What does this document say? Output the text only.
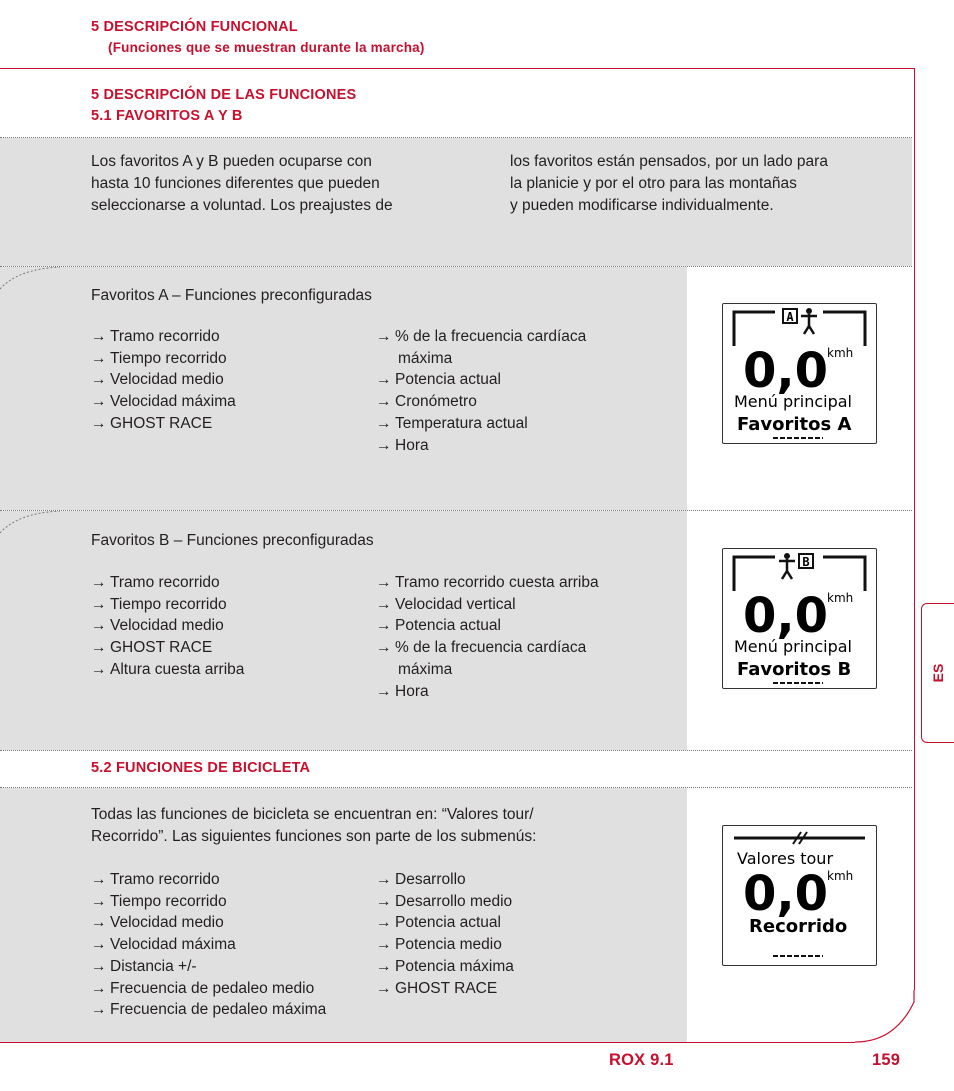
5 DESCRIPCIÓN FUNCIONAL
(Funciones que se muestran durante la marcha)
5 DESCRIPCIÓN DE LAS FUNCIONES
5.1 FAVORITOS A Y B
Los favoritos A y B pueden ocuparse con
hasta 10 funciones diferentes que pueden
seleccionarse a voluntad. Los preajustes de
los favoritos están pensados, por un lado para
la planicie y por el otro para las montañas
y pueden modificarse individualmente.
Favoritos A – Funciones preconfiguradas
→ Tramo recorrido
→ Tiempo recorrido
→ Velocidad medio
→ Velocidad máxima
→ GHOST RACE
→ % de la frecuencia cardíaca
máxima
→ Potencia actual
→ Cronómetro
→ Temperatura actual
→ Hora
A
0,0 kmh
Menú principal
Favoritos A
Favoritos B – Funciones preconfiguradas
→ Tramo recorrido
→ Tiempo recorrido
→ Velocidad medio
→ GHOST RACE
→ Altura cuesta arriba
→ Tramo recorrido cuesta arriba
→ Velocidad vertical
→ Potencia actual
→ % de la frecuencia cardíaca
máxima
→ Hora
B
0,0 kmh
Menú principal
Favoritos B
5.2 FUNCIONES DE BICICLETA
Todas las funciones de bicicleta se encuentran en: “Valores tour/
Recorrido”. Las siguientes funciones son parte de los submenús:
→ Tramo recorrido
→ Tiempo recorrido
→ Velocidad medio
→ Velocidad máxima
→ Distancia +/-
→ Frecuencia de pedaleo medio
→ Frecuencia de pedaleo máxima
→ Desarrollo
→ Desarrollo medio
→ Potencia actual
→ Potencia medio
→ Potencia máxima
→ GHOST RACE
Valores tour
0,0 kmh
Recorrido
ES
ROX 9.1	159
